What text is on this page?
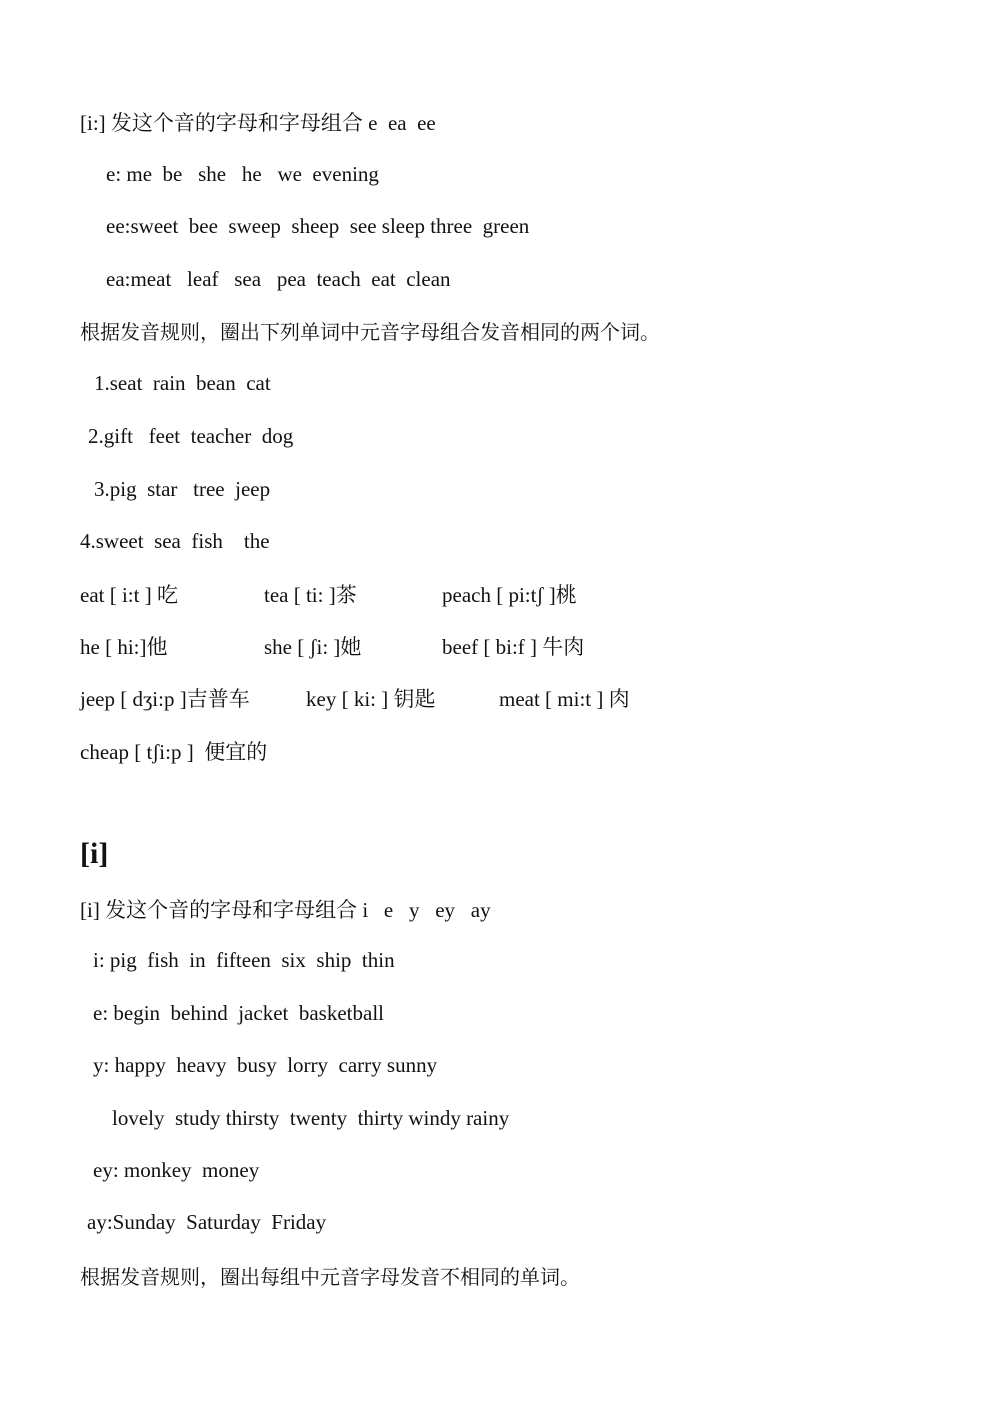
[i:] 发这个音的字母和字母组合 e  ea  ee
e: me  be   she   he   we  evening
ee:sweet  bee  sweep  sheep  see sleep three  green
ea:meat   leaf   sea   pea  teach  eat  clean
根据发音规则，圈出下列单词中元音字母组合发音相同的两个词。
1.seat  rain  bean  cat
2.gift   feet  teacher  dog
3.pig  star   tree  jeep
4.sweet  sea  fish    the
eat [ i:t ] 吃	tea [ ti: ]茶	peach [ pi:tʃ ]桃
he [ hi:]他	she [ ʃi: ]她	beef [ bi:f ] 牛肉
jeep [ dʒi:p ]吉普车	key [ ki: ] 钥匙	meat [ mi:t ] 肉
cheap [ tʃi:p ]  便宜的
[i]
[i] 发这个音的字母和字母组合 i   e   y   ey   ay
i: pig  fish  in  fifteen  six  ship  thin
e: begin  behind  jacket  basketball
y: happy  heavy  busy  lorry  carry sunny
lovely  study thirsty  twenty  thirty windy rainy
ey: monkey  money
ay:Sunday  Saturday  Friday
根据发音规则，圈出每组中元音字母发音不相同的单词。
